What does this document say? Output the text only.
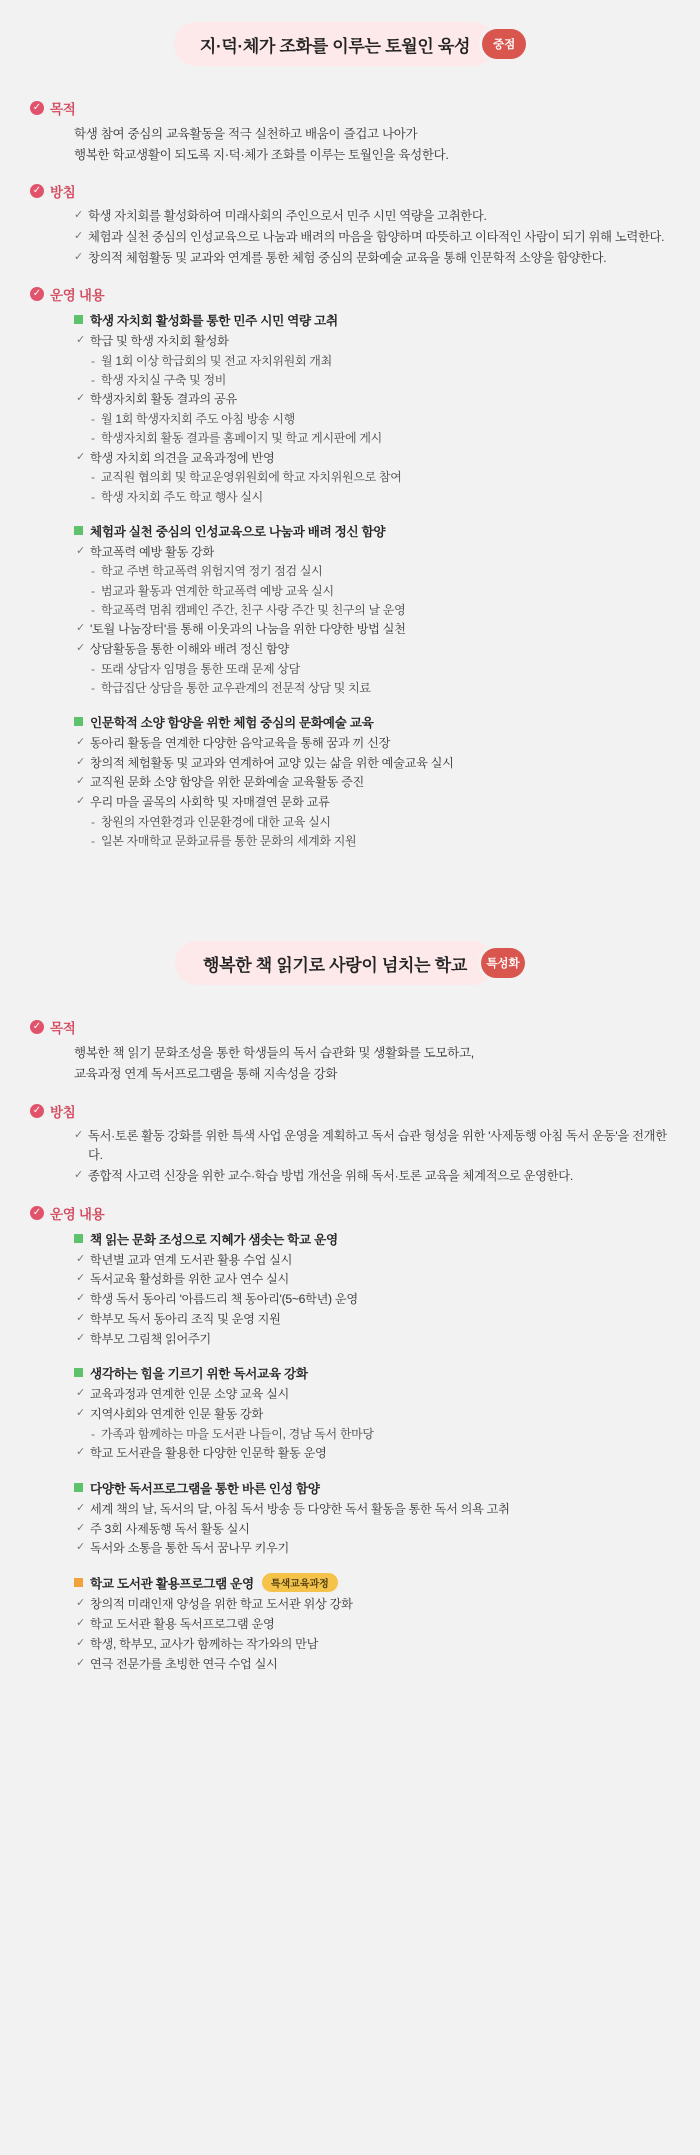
지·덕·체가 조화를 이루는 토월인 육성	중점
✓ 목적
학생 참여 중심의 교육활동을 적극 실천하고 배움이 즐겁고 나아가
행복한 학교생활이 되도록 지·덕·체가 조화를 이루는 토월인을 육성한다.
✓ 방침
✓ 학생 자치회를 활성화하여 미래사회의 주인으로서 민주 시민 역량을 고취한다.
✓ 체험과 실천 중심의 인성교육으로 나눔과 배려의 마음을 함양하며 따뜻하고 이타적인 사람이 되기 위해 노력한다.
✓ 창의적 체험활동 및 교과와 연계를 통한 체험 중심의 문화예술 교육을 통해 인문학적 소양을 함양한다.
✓ 운영 내용
학생 자치회 활성화를 통한 민주 시민 역량 고취
✓ 학급 및 학생 자치회 활성화
- 월 1회 이상 학급회의 및 전교 자치위원회 개최
- 학생 자치실 구축 및 정비
✓ 학생자치회 활동 결과의 공유
- 월 1회 학생자치회 주도 아침 방송 시행
- 학생자치회 활동 결과를 홈페이지 및 학교 게시판에 게시
✓ 학생 자치회 의견을 교육과정에 반영
- 교직원 협의회 및 학교운영위원회에 학교 자치위원으로 참여
- 학생 자치회 주도 학교 행사 실시
체험과 실천 중심의 인성교육으로 나눔과 배려 정신 함양
✓ 학교폭력 예방 활동 강화
- 학교 주변 학교폭력 위험지역 정기 점검 실시
- 범교과 활동과 연계한 학교폭력 예방 교육 실시
- 학교폭력 멈춰 캠페인 주간, 친구 사랑 주간 및 친구의 날 운영
✓ '토월 나눔장터'를 통해 이웃과의 나눔을 위한 다양한 방법 실천
✓ 상담활동을 통한 이해와 배려 정신 함양
- 또래 상담자 임명을 통한 또래 문제 상담
- 학급집단 상담을 통한 교우관계의 전문적 상담 및 치료
인문학적 소양 함양을 위한 체험 중심의 문화예술 교육
✓ 동아리 활동을 연계한 다양한 음악교육을 통해 꿈과 끼 신장
✓ 창의적 체험활동 및 교과와 연계하여 교양 있는 삶을 위한 예술교육 실시
✓ 교직원 문화 소양 함양을 위한 문화예술 교육활동 증진
✓ 우리 마을 골목의 사회학 및 자매결연 문화 교류
- 창원의 자연환경과 인문환경에 대한 교육 실시
- 일본 자매학교 문화교류를 통한 문화의 세계화 지원
행복한 책 읽기로 사랑이 넘치는 학교	특성화
✓ 목적
행복한 책 읽기 문화조성을 통한 학생들의 독서 습관화 및 생활화를 도모하고,
교육과정 연계 독서프로그램을 통해 지속성을 강화
✓ 방침
✓ 독서·토론 활동 강화를 위한 특색 사업 운영을 계획하고 독서 습관 형성을 위한 '사제동행 아침 독서 운동'을 전개한다.
✓ 종합적 사고력 신장을 위한 교수·학습 방법 개선을 위해 독서·토론 교육을 체계적으로 운영한다.
✓ 운영 내용
책 읽는 문화 조성으로 지혜가 샘솟는 학교 운영
✓ 학년별 교과 연계 도서관 활용 수업 실시
✓ 독서교육 활성화를 위한 교사 연수 실시
✓ 학생 독서 동아리 '아름드리 책 동아리'(5~6학년) 운영
✓ 학부모 독서 동아리 조직 및 운영 지원
✓ 학부모 그림책 읽어주기
생각하는 힘을 기르기 위한 독서교육 강화
✓ 교육과정과 연계한 인문 소양 교육 실시
✓ 지역사회와 연계한 인문 활동 강화
- 가족과 함께하는 마을 도서관 나들이, 경남 독서 한마당
✓ 학교 도서관을 활용한 다양한 인문학 활동 운영
다양한 독서프로그램을 통한 바른 인성 함양
✓ 세계 책의 날, 독서의 달, 아침 독서 방송 등 다양한 독서 활동을 통한 독서 의욕 고취
✓ 주 3회 사제동행 독서 활동 실시
✓ 독서와 소통을 통한 독서 꿈나무 키우기
학교 도서관 활용프로그램 운영	특색교육과정
✓ 창의적 미래인재 양성을 위한 학교 도서관 위상 강화
✓ 학교 도서관 활용 독서프로그램 운영
✓ 학생, 학부모, 교사가 함께하는 작가와의 만남
✓ 연극 전문가를 초빙한 연극 수업 실시
